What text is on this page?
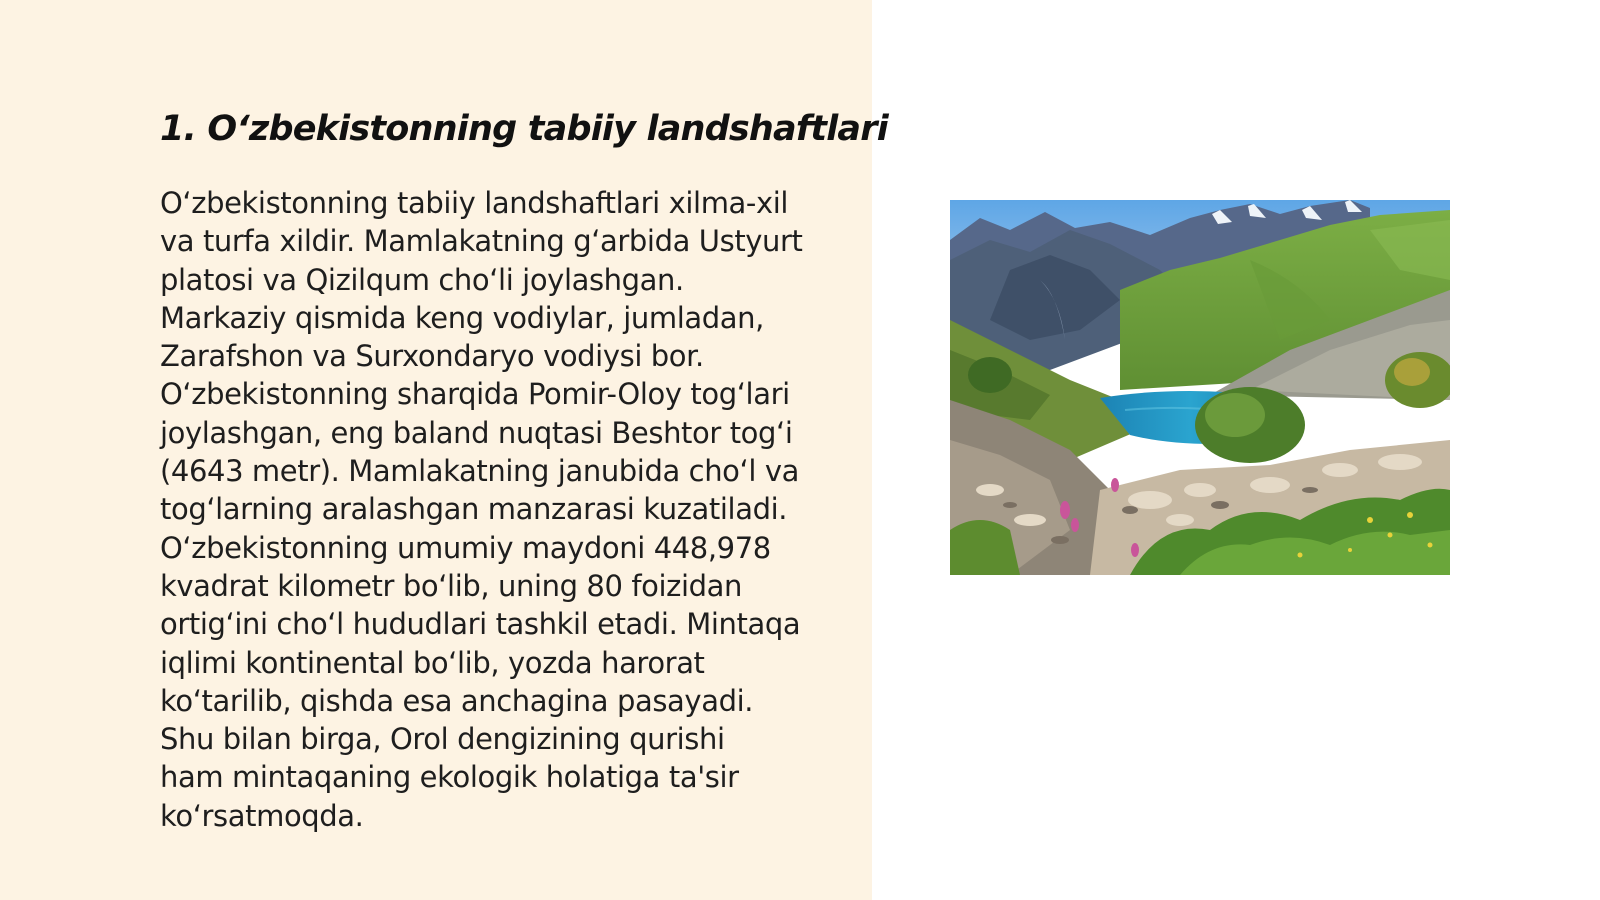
1. O‘zbekistonning tabiiy landshaftlari

O‘zbekistonning tabiiy landshaftlari xilma-xil
va turfa xildir. Mamlakatning g‘arbida Ustyurt
platosi va Qizilqum cho‘li joylashgan.
Markaziy qismida keng vodiylar, jumladan,
Zarafshon va Surxondaryo vodiysi bor.
O‘zbekistonning sharqida Pomir-Oloy tog‘lari
joylashgan, eng baland nuqtasi Beshtor tog‘i
(4643 metr). Mamlakatning janubida cho‘l va
tog‘larning aralashgan manzarasi kuzatiladi.
O‘zbekistonning umumiy maydoni 448,978
kvadrat kilometr bo‘lib, uning 80 foizidan
ortig‘ini cho‘l hududlari tashkil etadi. Mintaqa
iqlimi kontinental bo‘lib, yozda harorat
ko‘tarilib, qishda esa anchagina pasayadi.
Shu bilan birga, Orol dengizining qurishi
ham mintaqaning ekologik holatiga ta'sir
ko‘rsatmoqda.
